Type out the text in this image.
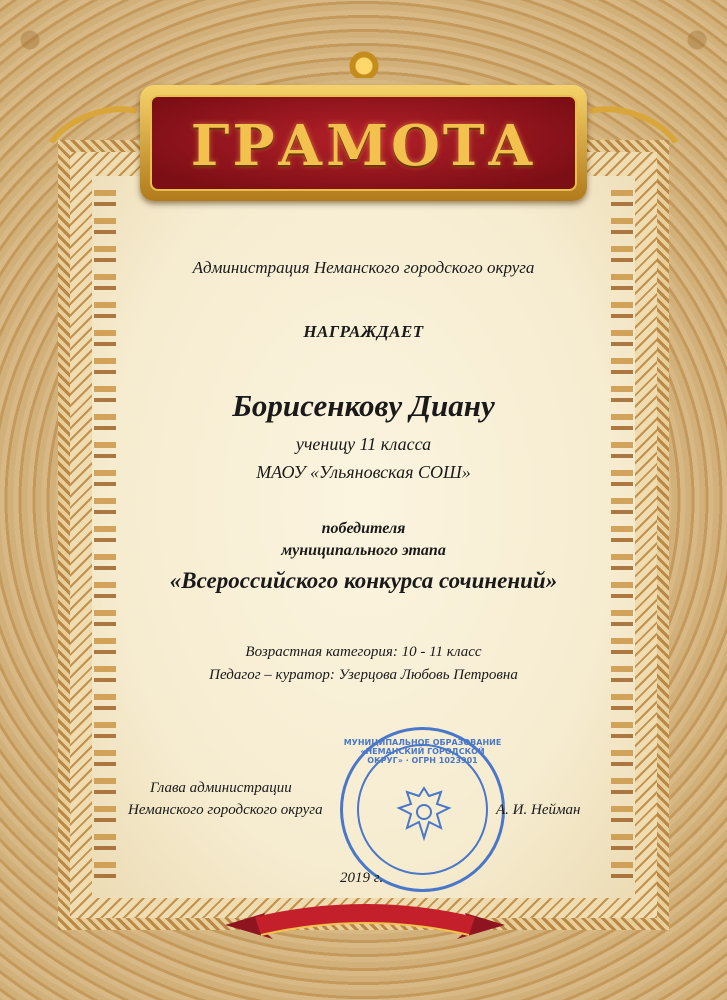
ГРАМОТА
Администрация Неманского городского округа
НАГРАЖДАЕТ
Борисенкову Диану
ученицу 11 класса
МАОУ «Ульяновская СОШ»
победителя
муниципального этапа
«Всероссийского конкурса сочинений»
Возрастная категория: 10 - 11 класс
Педагог – куратор: Узерцова Любовь Петровна
МУНИЦИПАЛЬНОЕ ОБРАЗОВАНИЕ «НЕМАНСКИЙ ГОРОДСКОЙ ОКРУГ» · ОГРН 1023901
Глава администрации
Неманского городского округа	А. И. Нейман
2019 г.
